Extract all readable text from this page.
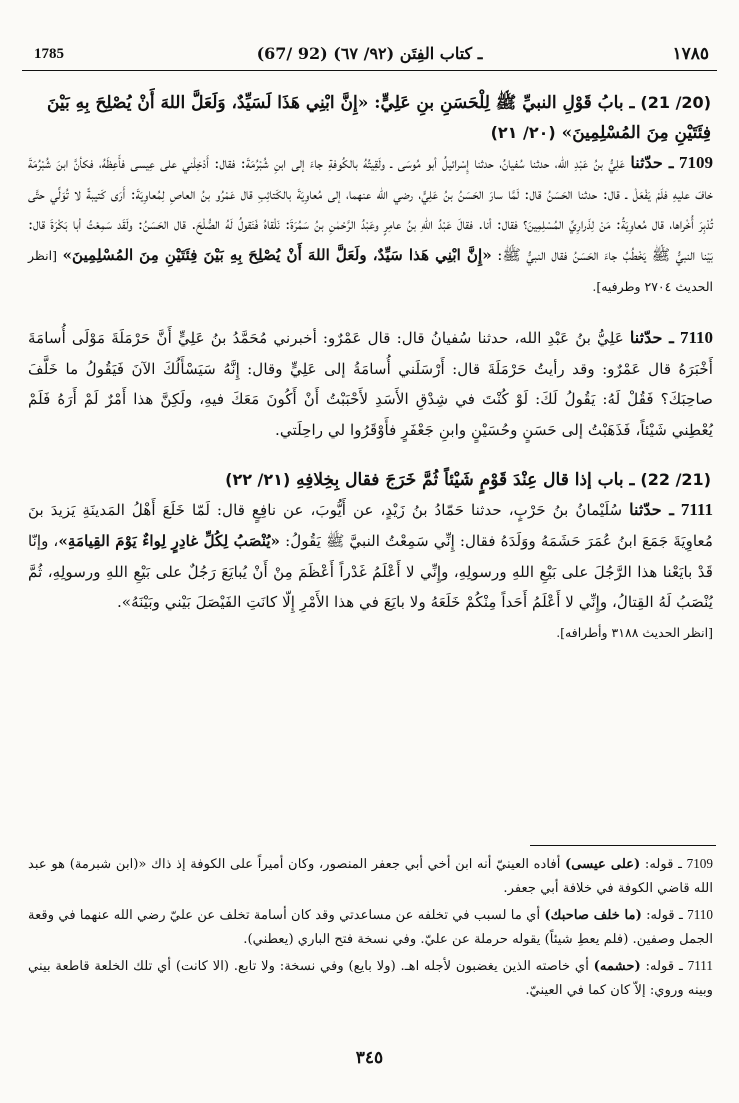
1785	(67/ 92) ـ كتاب الفِتَن (٩٢/ ٦٧)	١٧٨٥
(20/ 21) ـ بابُ قَوْلِ النبيِّ ﷺ لِلْحَسَنِ بنِ عَلِيٍّ: «إِنَّ ابْنِي هَذَا لَسَيِّدٌ، وَلَعَلَّ اللهَ أَنْ يُصْلِحَ بِهِ بَيْنَ فِئَتَيْنِ مِنَ المُسْلِمِينَ» (٢٠/ ٢١)

7109 ـ حدّثنا عَلِيُّ بنُ عَبْدِ الله، حدثنا سُفيانُ، حدثنا إِسْرائيلُ أبو مُوسَى ـ ولَقِيتُهُ بالكُوفةِ جاءَ إلى ابنِ شُبْرُمَةَ: فقال: أَدْخِلْني على عِيسى فأَعِظَهُ، فكأنَّ ابنَ شُبْرُمَةَ خافَ عليهِ فلَمْ يَفْعَلْ ـ قال: حدثنا الحَسَنُ قال: لَمَّا سارَ الحَسَنُ بنُ عَلِيٍّ، رضي الله عنهما، إلى مُعاوِيَةَ بالكَتائِبِ قال عَمْرُو بنُ العاصِ لِمُعاوِيَةَ: أَرَى كَتيبةً لا تُوَلِّي حتَّى تُدْبِرَ أُخْراها، قال مُعاوِيَةُ: مَنْ لِذَرارِيِّ المُسْلِمِينَ؟ فقال: أنا. فقالَ عَبْدُ اللهِ بنُ عامِرٍ وعَبْدُ الرَّحْمٰنِ بنُ سَمُرَةَ: نَلْقاهُ فَنَقولُ لَهُ الصُّلْحَ. قال الحَسَنُ: ولَقَد سَمِعْتُ أبا بَكْرَةَ قال: بَيْنا النبيُّ ﷺ يَخْطُبُ جاءَ الحَسَنُ فقال النبيُّ ﷺ: «إِنَّ ابْنِي هَذا سَيِّدٌ، ولَعَلَّ اللهَ أَنْ يُصْلِحَ بِهِ بَيْنَ فِئَتَيْنِ مِنَ المُسْلِمِينَ» [انظر الحديث ٢٧٠٤ وطرفيه].

7110 ـ حدّثنا عَلِيُّ بنُ عَبْدِ الله، حدثنا سُفيانُ قال: قال عَمْرٌو: أخبرني مُحَمَّدُ بنُ عَلِيٍّ أَنَّ حَرْمَلَةَ مَوْلَى أُسامَةَ أَخْبَرَهُ قال عَمْرٌو: وقد رأيتُ حَرْمَلَةَ قال: أَرْسَلَني أُسامَةُ إلى عَلِيٍّ وقال: إِنَّهُ سَيَسْأَلُكَ الآنَ فَيَقُولُ ما خَلَّفَ صاحِبَكَ؟ فَقُلْ لَهُ: يَقُولُ لَكَ: لَوْ كُنْتَ في شِدْقِ الأَسَدِ لأَحْبَبْتُ أَنْ أَكُونَ مَعَكَ فيهِ، ولَكِنَّ هذا أَمْرٌ لَمْ أَرَهُ فَلَمْ يُعْطِني شَيْئاً، فَذَهَبْتُ إلى حَسَنٍ وحُسَيْنٍ وابنِ جَعْفَرٍ فأَوْقَرُوا لي راحِلَتي.

(21/ 22) ـ باب إذا قال عِنْدَ قَوْمٍ شَيْئاً ثُمَّ خَرَجَ فقال بِخِلافِهِ (٢١/ ٢٢)

7111 ـ حدّثنا سُلَيْمانُ بنُ حَرْبٍ، حدثنا حَمّادُ بنُ زَيْدٍ، عن أَيُّوبَ، عن نافِعٍ قال: لَمّا خَلَعَ أَهْلُ المَدينَةِ يَزيدَ بنَ مُعاوِيَةَ جَمَعَ ابنُ عُمَرَ حَشَمَهُ ووَلَدَهُ فقال: إِنِّي سَمِعْتُ النبيَّ ﷺ يَقُولُ: «يُنْصَبُ لِكُلِّ غادِرٍ لِواءٌ يَوْمَ القِيامَةِ»، وإنّا قَدْ بايَعْنا هذا الرَّجُلَ على بَيْعِ اللهِ ورسولِهِ، وإِنِّي لا أَعْلَمُ غَدْراً أَعْظَمَ مِنْ أَنْ يُبايَعَ رَجُلٌ على بَيْعِ اللهِ ورسولِهِ، ثُمَّ يُنْصَبُ لَهُ القِتالُ، وإِنِّي لا أَعْلَمُ أَحَداً مِنْكُمْ خَلَعَهُ ولا بايَعَ في هذا الأَمْرِ إِلّا كانَتِ الفَيْصَلَ بَيْني وبَيْنَهُ».

[انظر الحديث ٣١٨٨ وأطرافه].

7109 ـ قوله: (على عيسى) أفاده العينيّ أنه ابن أخي أبي جعفر المنصور، وكان أميراً على الكوفة إذ ذاك «(ابن شبرمة) هو عبد الله قاضي الكوفة في خلافة أبي جعفر.

7110 ـ قوله: (ما خلف صاحبك) أي ما لسبب في تخلفه عن مساعدتي وقد كان أسامة تخلف عن عليّ رضي الله عنهما في وقعة الجمل وصفين. (فلم يعطِ شيئاً) يقوله حرملة عن عليّ. وفي نسخة فتح الباري (يعطني).

7111 ـ قوله: (حشمه) أي خاصته الذين يغضبون لأجله اهـ. (ولا بايع) وفي نسخة: ولا تابع. (الا كانت) أي تلك الخلعة قاطعة بيني وبينه وروي: إلاّ كان كما في العينيّ.

٣٤٥
